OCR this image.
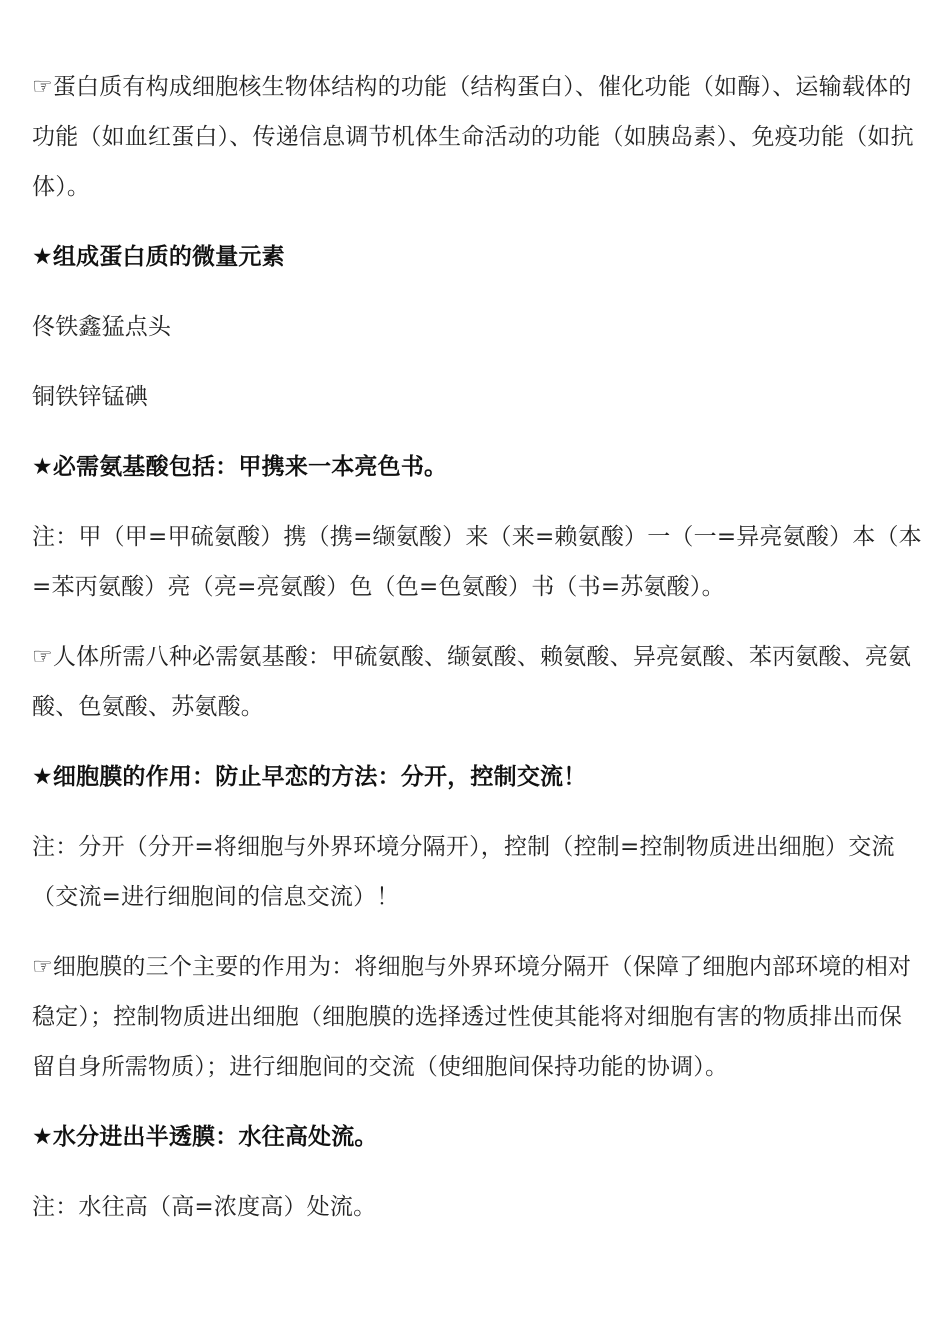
☞蛋白质有构成细胞核生物体结构的功能（结构蛋白）、催化功能（如酶）、运输载体的功能（如血红蛋白）、传递信息调节机体生命活动的功能（如胰岛素）、免疫功能（如抗体）。

★组成蛋白质的微量元素

佟铁鑫猛点头

铜铁锌锰碘

★必需氨基酸包括：甲携来一本亮色书。

注：甲（甲=甲硫氨酸）携（携=缬氨酸）来（来=赖氨酸）一（一=异亮氨酸）本（本=苯丙氨酸）亮（亮=亮氨酸）色（色=色氨酸）书（书=苏氨酸）。

☞人体所需八种必需氨基酸：甲硫氨酸、缬氨酸、赖氨酸、异亮氨酸、苯丙氨酸、亮氨酸、色氨酸、苏氨酸。

★细胞膜的作用：防止早恋的方法：分开，控制交流！

注：分开（分开=将细胞与外界环境分隔开），控制（控制=控制物质进出细胞）交流（交流=进行细胞间的信息交流）！

☞细胞膜的三个主要的作用为：将细胞与外界环境分隔开（保障了细胞内部环境的相对稳定）；控制物质进出细胞（细胞膜的选择透过性使其能将对细胞有害的物质排出而保留自身所需物质）；进行细胞间的交流（使细胞间保持功能的协调）。

★水分进出半透膜：水往高处流。

注：水往高（高=浓度高）处流。
